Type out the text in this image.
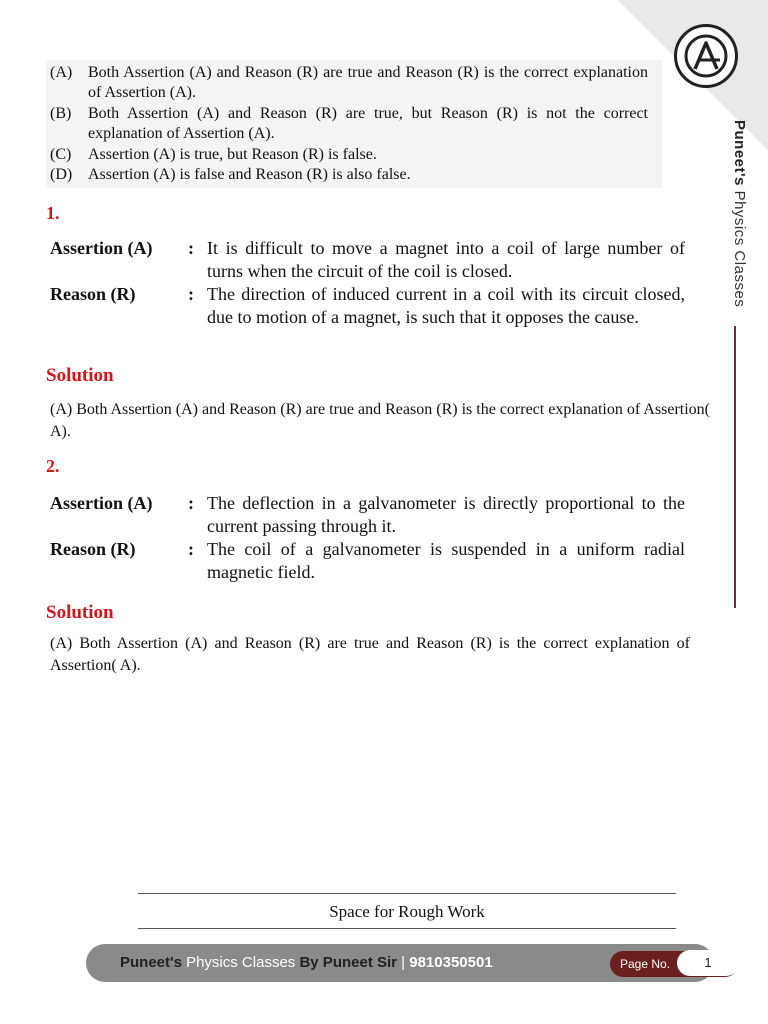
Puneet's Physics Classes
(A) Both Assertion (A) and Reason (R) are true and Reason (R) is the correct explanation of Assertion (A).
(B) Both Assertion (A) and Reason (R) are true, but Reason (R) is not the correct explanation of Assertion (A).
(C) Assertion (A) is true, but Reason (R) is false.
(D) Assertion (A) is false and Reason (R) is also false.
1.
Assertion (A) : It is difficult to move a magnet into a coil of large number of turns when the circuit of the coil is closed.
Reason (R)	: The direction of induced current in a coil with its circuit closed, due to motion of a magnet, is such that it opposes the cause.
Solution
(A) Both Assertion (A) and Reason (R) are true and Reason (R) is the correct explanation of Assertion( A).
2.
Assertion (A) : The deflection in a galvanometer is directly proportional to the current passing through it.
Reason (R)	: The coil of a galvanometer is suspended in a uniform radial magnetic field.
Solution
(A) Both Assertion (A) and Reason (R) are true and Reason (R) is the correct explanation of Assertion( A).
Space for Rough Work
Puneet's Physics Classes By Puneet Sir | 9810350501	Page No.	1
